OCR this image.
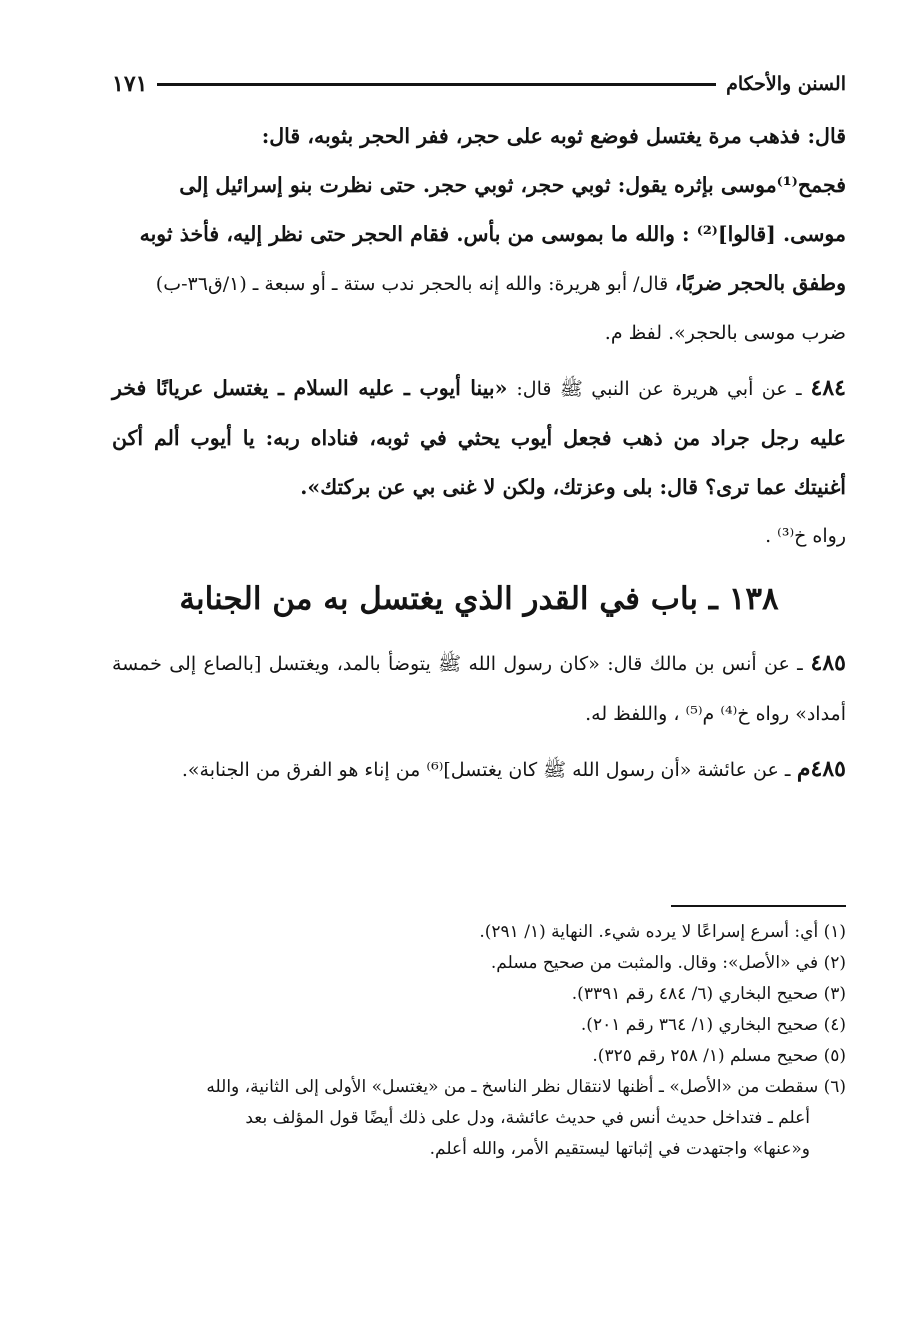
السنن والأحكام
١٧١

قال: فذهب مرة يغتسل فوضع ثوبه على حجر، ففر الحجر بثوبه، قال:

فجمح⁽¹⁾موسى بإثره يقول: ثوبي حجر، ثوبي حجر. حتى نظرت بنو إسرائيل إلى

موسى. [قالوا]⁽²⁾ : والله ما بموسى من بأس. فقام الحجر حتى نظر إليه، فأخذ ثوبه

وطفق بالحجر ضربًا، قال/ أبو هريرة: والله إنه بالحجر ندب ستة ـ أو سبعة ـ (١/ق٣٦-ب)

ضرب موسى بالحجر». لفظ م.

٤٨٤ ـ عن أبي هريرة عن النبي ﷺ قال: «بينا أيوب ـ عليه السلام ـ يغتسل عريانًا فخر عليه رجل جراد من ذهب فجعل أيوب يحثي في ثوبه، فناداه ربه: يا أيوب ألم أكن أغنيتك عما ترى؟ قال: بلى وعزتك، ولكن لا غنى بي عن بركتك».

رواه خ⁽³⁾ .

١٣٨ ـ باب في القدر الذي يغتسل به من الجنابة

٤٨٥ ـ عن أنس بن مالك قال: «كان رسول الله ﷺ يتوضأ بالمد، ويغتسل [بالصاع إلى خمسة أمداد» رواه خ⁽⁴⁾ م⁽⁵⁾ ، واللفظ له.

٤٨٥م ـ عن عائشة «أن رسول الله ﷺ كان يغتسل]⁽⁶⁾ من إناء هو الفرق من الجنابة».

(١) أي: أسرع إسراعًا لا يرده شيء. النهاية (١/ ٢٩١).
(٢) في «الأصل»: وقال. والمثبت من صحيح مسلم.
(٣) صحيح البخاري (٦/ ٤٨٤ رقم ٣٣٩١).
(٤) صحيح البخاري (١/ ٣٦٤ رقم ٢٠١).
(٥) صحيح مسلم (١/ ٢٥٨ رقم ٣٢٥).
(٦) سقطت من «الأصل» ـ أظنها لانتقال نظر الناسخ ـ من «يغتسل» الأولى إلى الثانية، والله
أعلم ـ فتداخل حديث أنس في حديث عائشة، ودل على ذلك أيضًا قول المؤلف بعد
و«عنها» واجتهدت في إثباتها ليستقيم الأمر، والله أعلم.
